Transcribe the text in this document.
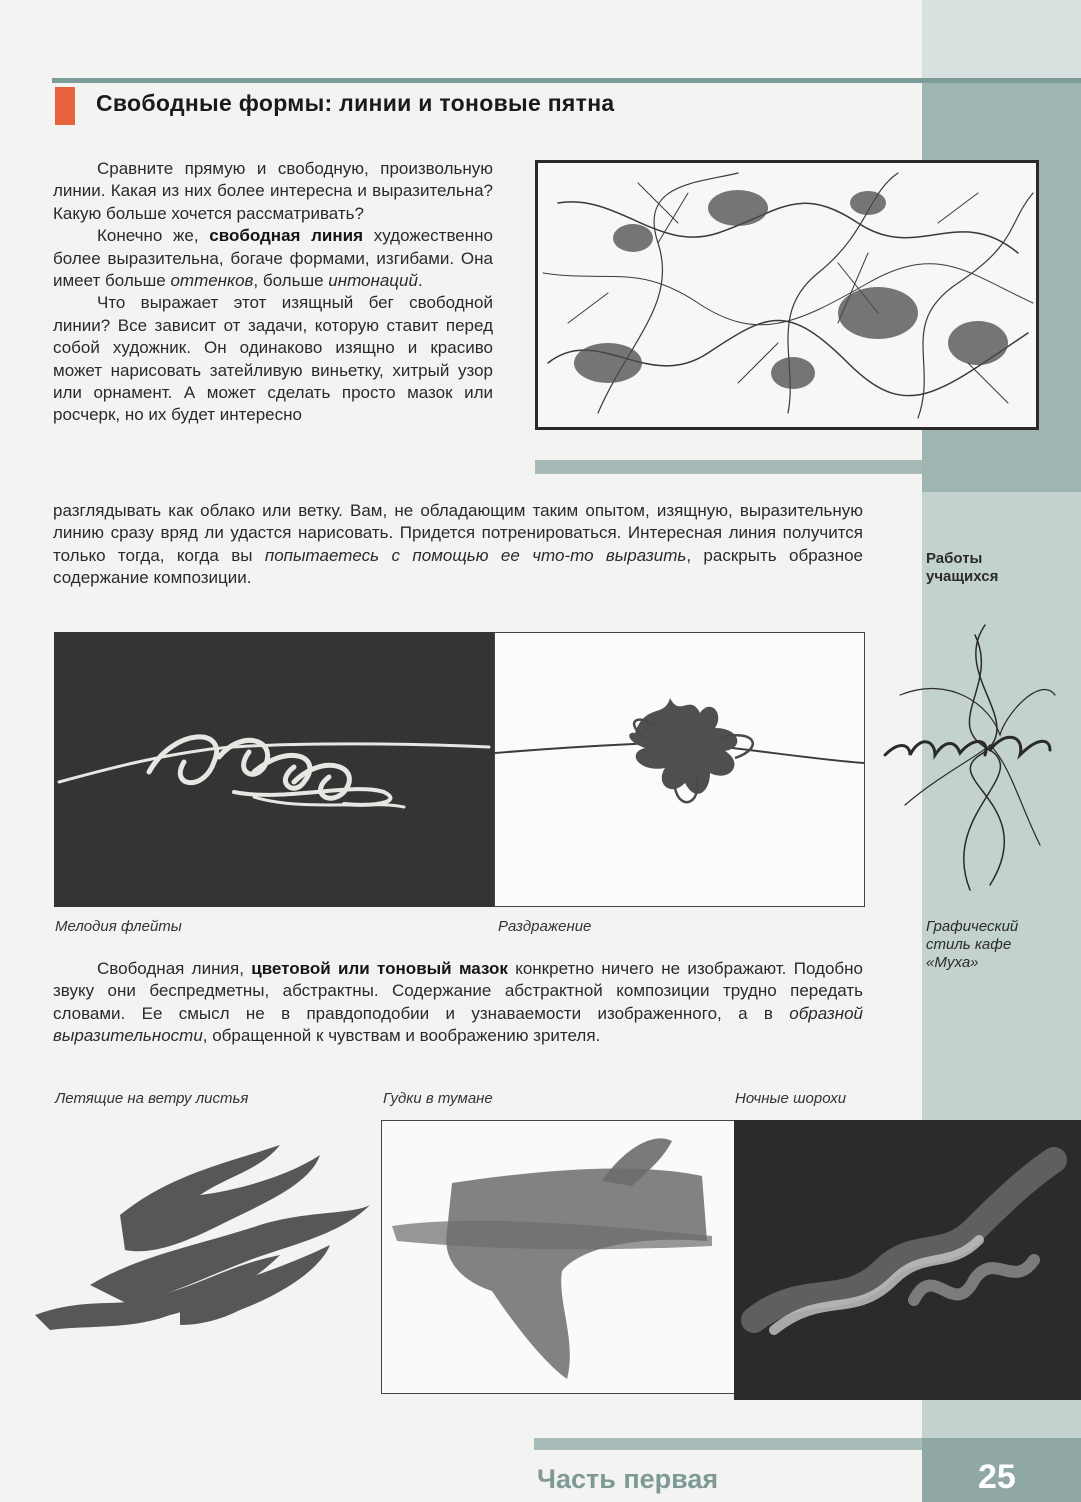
Свободные формы: линии и тоновые пятна

Сравните прямую и свободную, произвольную линии. Какая из них более интересна и выразительна? Какую больше хочется рассматривать?

Конечно же, свободная линия художественно более выразительна, богаче формами, изгибами. Она имеет больше оттенков, больше интонаций.

Что выражает этот изящный бег свободной линии? Все зависит от задачи, которую ставит перед собой художник. Он одинаково изящно и красиво может нарисовать затейливую виньетку, хитрый узор или орнамент. А может сделать просто мазок или росчерк, но их будет интересно

разглядывать как облако или ветку. Вам, не обладающим таким опытом, изящную, выразительную линию сразу вряд ли удастся нарисовать. Придется потренироваться. Интересная линия получится только тогда, когда вы попытаетесь с помощью ее что-то выразить, раскрыть образное содержание композиции.

Работы
учащихся
Мелодия флейты	Раздражение	Графический
стиль кафе
«Муха»

Свободная линия, цветовой или тоновый мазок конкретно ничего не изображают. Подобно звуку они беспредметны, абстрактны. Содержание абстрактной композиции трудно передать словами. Ее смысл не в правдоподобии и узнаваемости изображенного, а в образной выразительности, обращенной к чувствам и воображению зрителя.

Летящие на ветру листья	Гудки в тумане	Ночные шорохи
Часть первая	25
